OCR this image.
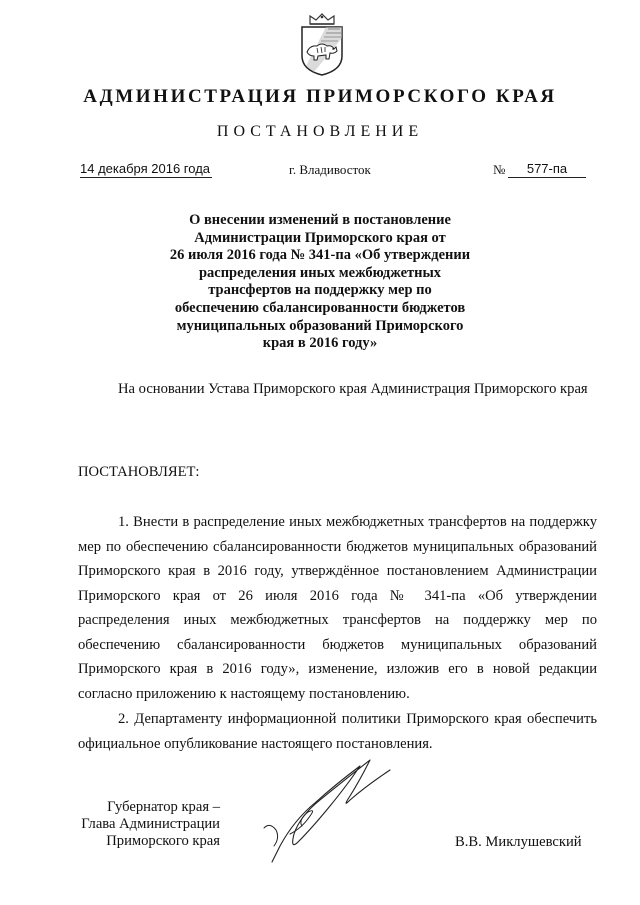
АДМИНИСТРАЦИЯ ПРИМОРСКОГО КРАЯ
ПОСТАНОВЛЕНИЕ
14 декабря 2016 года	г. Владивосток	№	577-па
О внесении изменений в постановление
Администрации Приморского края от
26 июля 2016 года № 341-па «Об утверждении
распределения иных межбюджетных
трансфертов на поддержку мер по
обеспечению сбалансированности бюджетов
муниципальных образований Приморского
края в 2016 году»
На основании Устава Приморского края Администрация Приморского края
ПОСТАНОВЛЯЕТ:
1. Внести в распределение иных межбюджетных трансфертов на поддержку мер по обеспечению сбалансированности бюджетов муниципальных образований Приморского края в 2016 году, утверждённое постановлением Администрации Приморского края от 26 июля 2016 года № 341-па «Об утверждении распределения иных межбюджетных трансфертов на поддержку мер по обеспечению сбалансированности бюджетов муниципальных образований Приморского края в 2016 году», изменение, изложив его в новой редакции согласно приложению к настоящему постановлению.
2. Департаменту информационной политики Приморского края обеспечить официальное опубликование настоящего постановления.
Губернатор края –
Глава Администрации
Приморского края	В.В. Миклушевский
